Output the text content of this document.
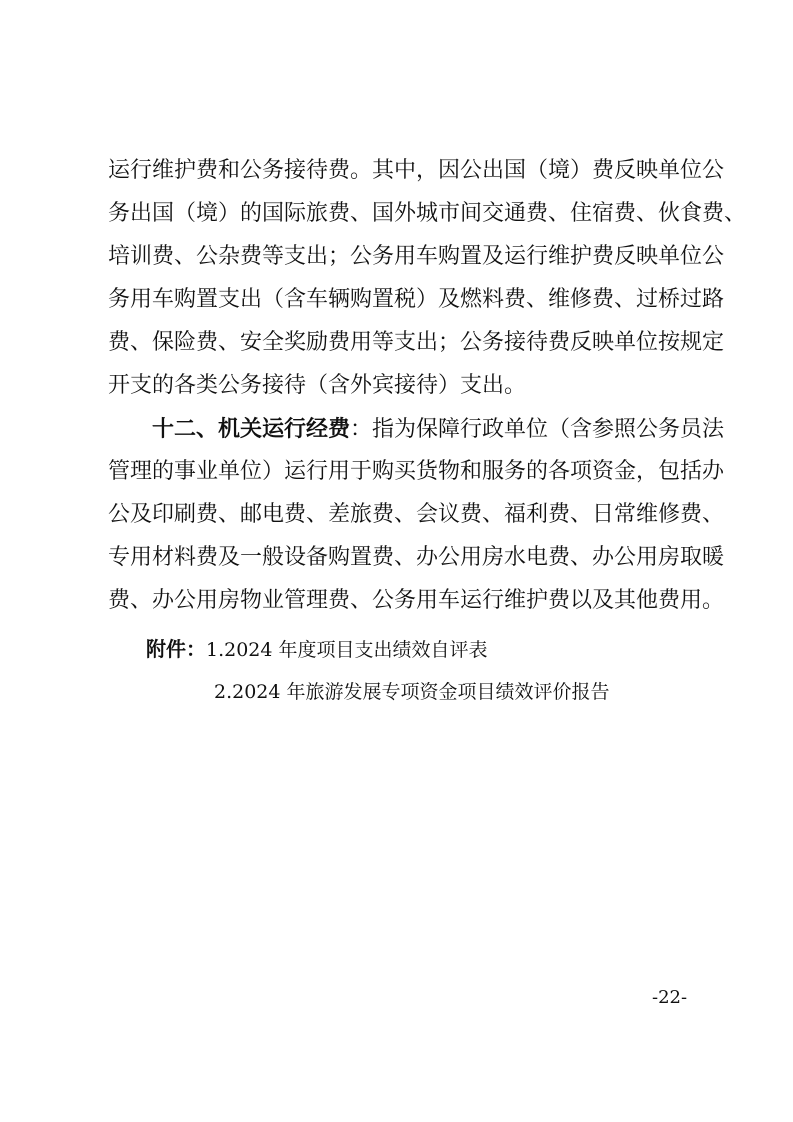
运行维护费和公务接待费。其中，因公出国（境）费反映单位公
务出国（境）的国际旅费、国外城市间交通费、住宿费、伙食费、
培训费、公杂费等支出；公务用车购置及运行维护费反映单位公
务用车购置支出（含车辆购置税）及燃料费、维修费、过桥过路
费、保险费、安全奖励费用等支出；公务接待费反映单位按规定
开支的各类公务接待（含外宾接待）支出。
十二、机关运行经费：指为保障行政单位（含参照公务员法
管理的事业单位）运行用于购买货物和服务的各项资金，包括办
公及印刷费、邮电费、差旅费、会议费、福利费、日常维修费、
专用材料费及一般设备购置费、办公用房水电费、办公用房取暖
费、办公用房物业管理费、公务用车运行维护费以及其他费用。
附件：1.2024 年度项目支出绩效自评表
2.2024 年旅游发展专项资金项目绩效评价报告
-22-
